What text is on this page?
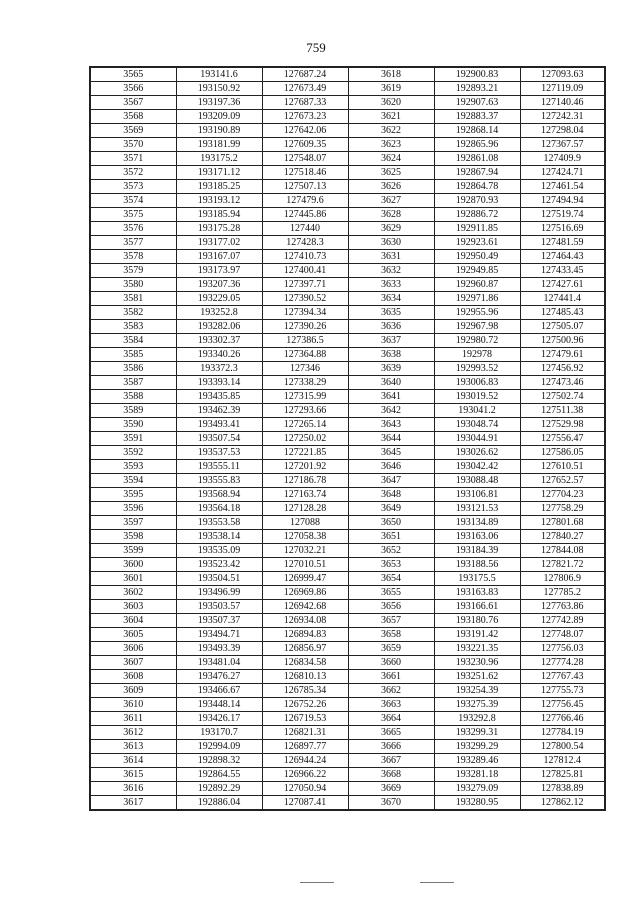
759
3565	193141.6	127687.24	3618	192900.83	127093.63
3566	193150.92	127673.49	3619	192893.21	127119.09
3567	193197.36	127687.33	3620	192907.63	127140.46
3568	193209.09	127673.23	3621	192883.37	127242.31
3569	193190.89	127642.06	3622	192868.14	127298.04
3570	193181.99	127609.35	3623	192865.96	127367.57
3571	193175.2	127548.07	3624	192861.08	127409.9
3572	193171.12	127518.46	3625	192867.94	127424.71
3573	193185.25	127507.13	3626	192864.78	127461.54
3574	193193.12	127479.6	3627	192870.93	127494.94
3575	193185.94	127445.86	3628	192886.72	127519.74
3576	193175.28	127440	3629	192911.85	127516.69
3577	193177.02	127428.3	3630	192923.61	127481.59
3578	193167.07	127410.73	3631	192950.49	127464.43
3579	193173.97	127400.41	3632	192949.85	127433.45
3580	193207.36	127397.71	3633	192960.87	127427.61
3581	193229.05	127390.52	3634	192971.86	127441.4
3582	193252.8	127394.34	3635	192955.96	127485.43
3583	193282.06	127390.26	3636	192967.98	127505.07
3584	193302.37	127386.5	3637	192980.72	127500.96
3585	193340.26	127364.88	3638	192978	127479.61
3586	193372.3	127346	3639	192993.52	127456.92
3587	193393.14	127338.29	3640	193006.83	127473.46
3588	193435.85	127315.99	3641	193019.52	127502.74
3589	193462.39	127293.66	3642	193041.2	127511.38
3590	193493.41	127265.14	3643	193048.74	127529.98
3591	193507.54	127250.02	3644	193044.91	127556.47
3592	193537.53	127221.85	3645	193026.62	127586.05
3593	193555.11	127201.92	3646	193042.42	127610.51
3594	193555.83	127186.78	3647	193088.48	127652.57
3595	193568.94	127163.74	3648	193106.81	127704.23
3596	193564.18	127128.28	3649	193121.53	127758.29
3597	193553.58	127088	3650	193134.89	127801.68
3598	193538.14	127058.38	3651	193163.06	127840.27
3599	193535.09	127032.21	3652	193184.39	127844.08
3600	193523.42	127010.51	3653	193188.56	127821.72
3601	193504.51	126999.47	3654	193175.5	127806.9
3602	193496.99	126969.86	3655	193163.83	127785.2
3603	193503.57	126942.68	3656	193166.61	127763.86
3604	193507.37	126934.08	3657	193180.76	127742.89
3605	193494.71	126894.83	3658	193191.42	127748.07
3606	193493.39	126856.97	3659	193221.35	127756.03
3607	193481.04	126834.58	3660	193230.96	127774.28
3608	193476.27	126810.13	3661	193251.62	127767.43
3609	193466.67	126785.34	3662	193254.39	127755.73
3610	193448.14	126752.26	3663	193275.39	127756.45
3611	193426.17	126719.53	3664	193292.8	127766.46
3612	193170.7	126821.31	3665	193299.31	127784.19
3613	192994.09	126897.77	3666	193299.29	127800.54
3614	192898.32	126944.24	3667	193289.46	127812.4
3615	192864.55	126966.22	3668	193281.18	127825.81
3616	192892.29	127050.94	3669	193279.09	127838.89
3617	192886.04	127087.41	3670	193280.95	127862.12
